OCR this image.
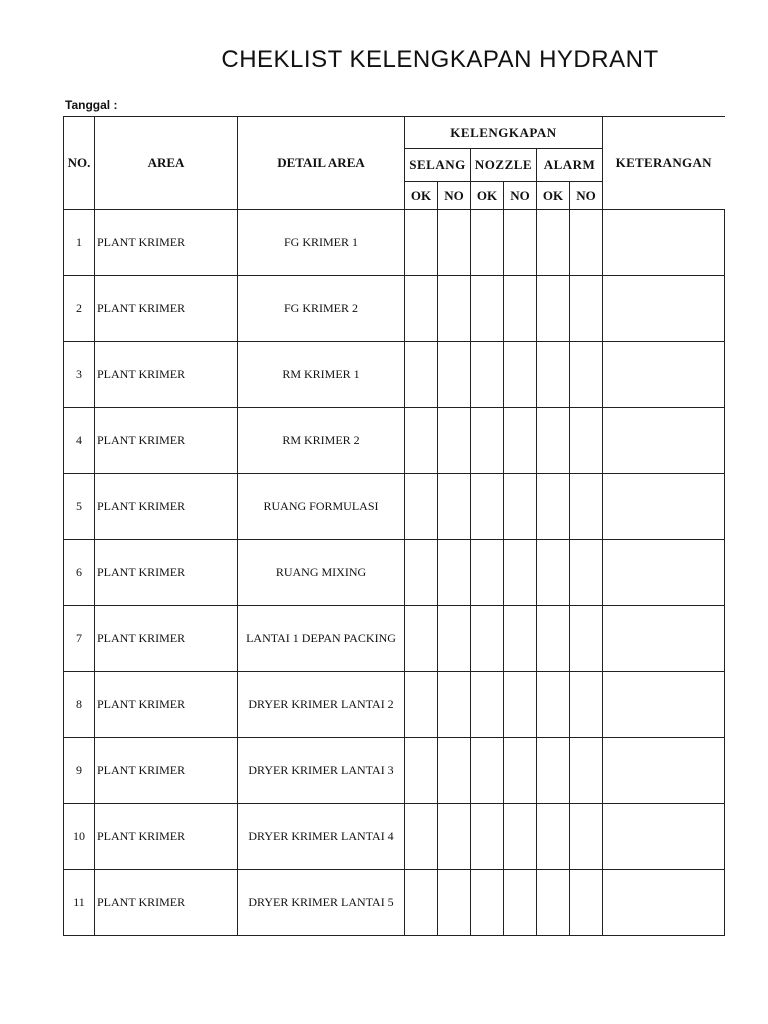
CHEKLIST KELENGKAPAN HYDRANT
Tanggal :
NO.	AREA	DETAIL AREA	KELENGKAPAN						KETERANGAN
			SELANG		NOZZLE		ALARM		
			OK	NO	OK	NO	OK	NO	
1	PLANT KRIMER	FG KRIMER 1							
2	PLANT KRIMER	FG KRIMER 2							
3	PLANT KRIMER	RM KRIMER 1							
4	PLANT KRIMER	RM KRIMER 2							
5	PLANT KRIMER	RUANG FORMULASI							
6	PLANT KRIMER	RUANG MIXING							
7	PLANT KRIMER	LANTAI 1 DEPAN PACKING							
8	PLANT KRIMER	DRYER KRIMER LANTAI 2							
9	PLANT KRIMER	DRYER KRIMER LANTAI 3							
10	PLANT KRIMER	DRYER KRIMER LANTAI 4							
11	PLANT KRIMER	DRYER KRIMER LANTAI 5							
